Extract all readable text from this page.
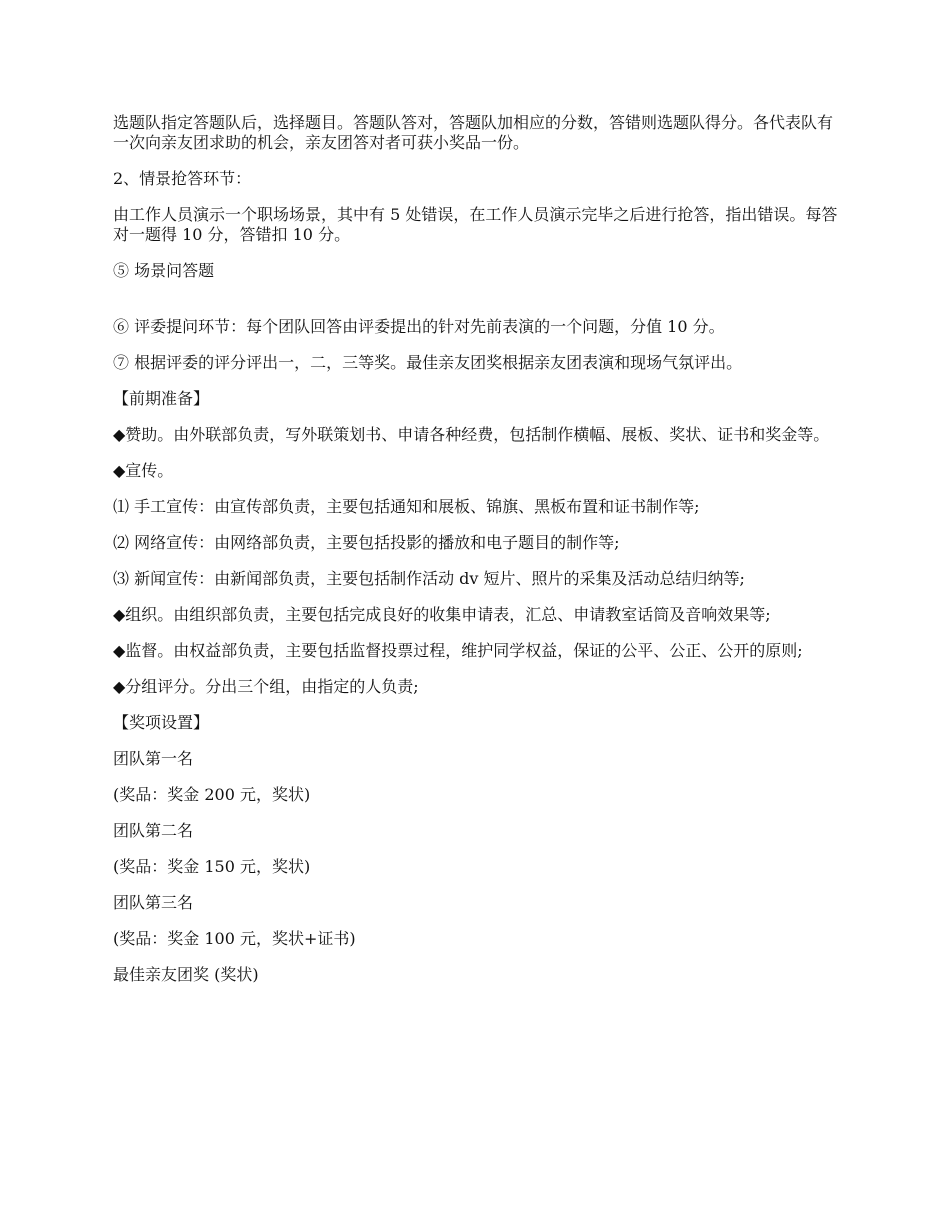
选题队指定答题队后，选择题目。答题队答对，答题队加相应的分数，答错则选题队得分。各代表队有一次向亲友团求助的机会，亲友团答对者可获小奖品一份。

2、情景抢答环节：

由工作人员演示一个职场场景，其中有 5 处错误，在工作人员演示完毕之后进行抢答，指出错误。每答对一题得 10 分，答错扣 10 分。

⑤ 场景问答题

⑥ 评委提问环节：每个团队回答由评委提出的针对先前表演的一个问题，分值 10 分。

⑦ 根据评委的评分评出一，二，三等奖。最佳亲友团奖根据亲友团表演和现场气氛评出。

【前期准备】

◆赞助。由外联部负责，写外联策划书、申请各种经费，包括制作横幅、展板、奖状、证书和奖金等。

◆宣传。

⑴ 手工宣传：由宣传部负责，主要包括通知和展板、锦旗、黑板布置和证书制作等;

⑵ 网络宣传：由网络部负责，主要包括投影的播放和电子题目的制作等;

⑶ 新闻宣传：由新闻部负责，主要包括制作活动 dv 短片、照片的采集及活动总结归纳等;

◆组织。由组织部负责，主要包括完成良好的收集申请表，汇总、申请教室话筒及音响效果等;

◆监督。由权益部负责，主要包括监督投票过程，维护同学权益，保证的公平、公正、公开的原则;

◆分组评分。分出三个组，由指定的人负责;

【奖项设置】

团队第一名

(奖品：奖金 200 元，奖状)

团队第二名

(奖品：奖金 150 元，奖状)

团队第三名

(奖品：奖金 100 元，奖状+证书)

最佳亲友团奖 (奖状)
